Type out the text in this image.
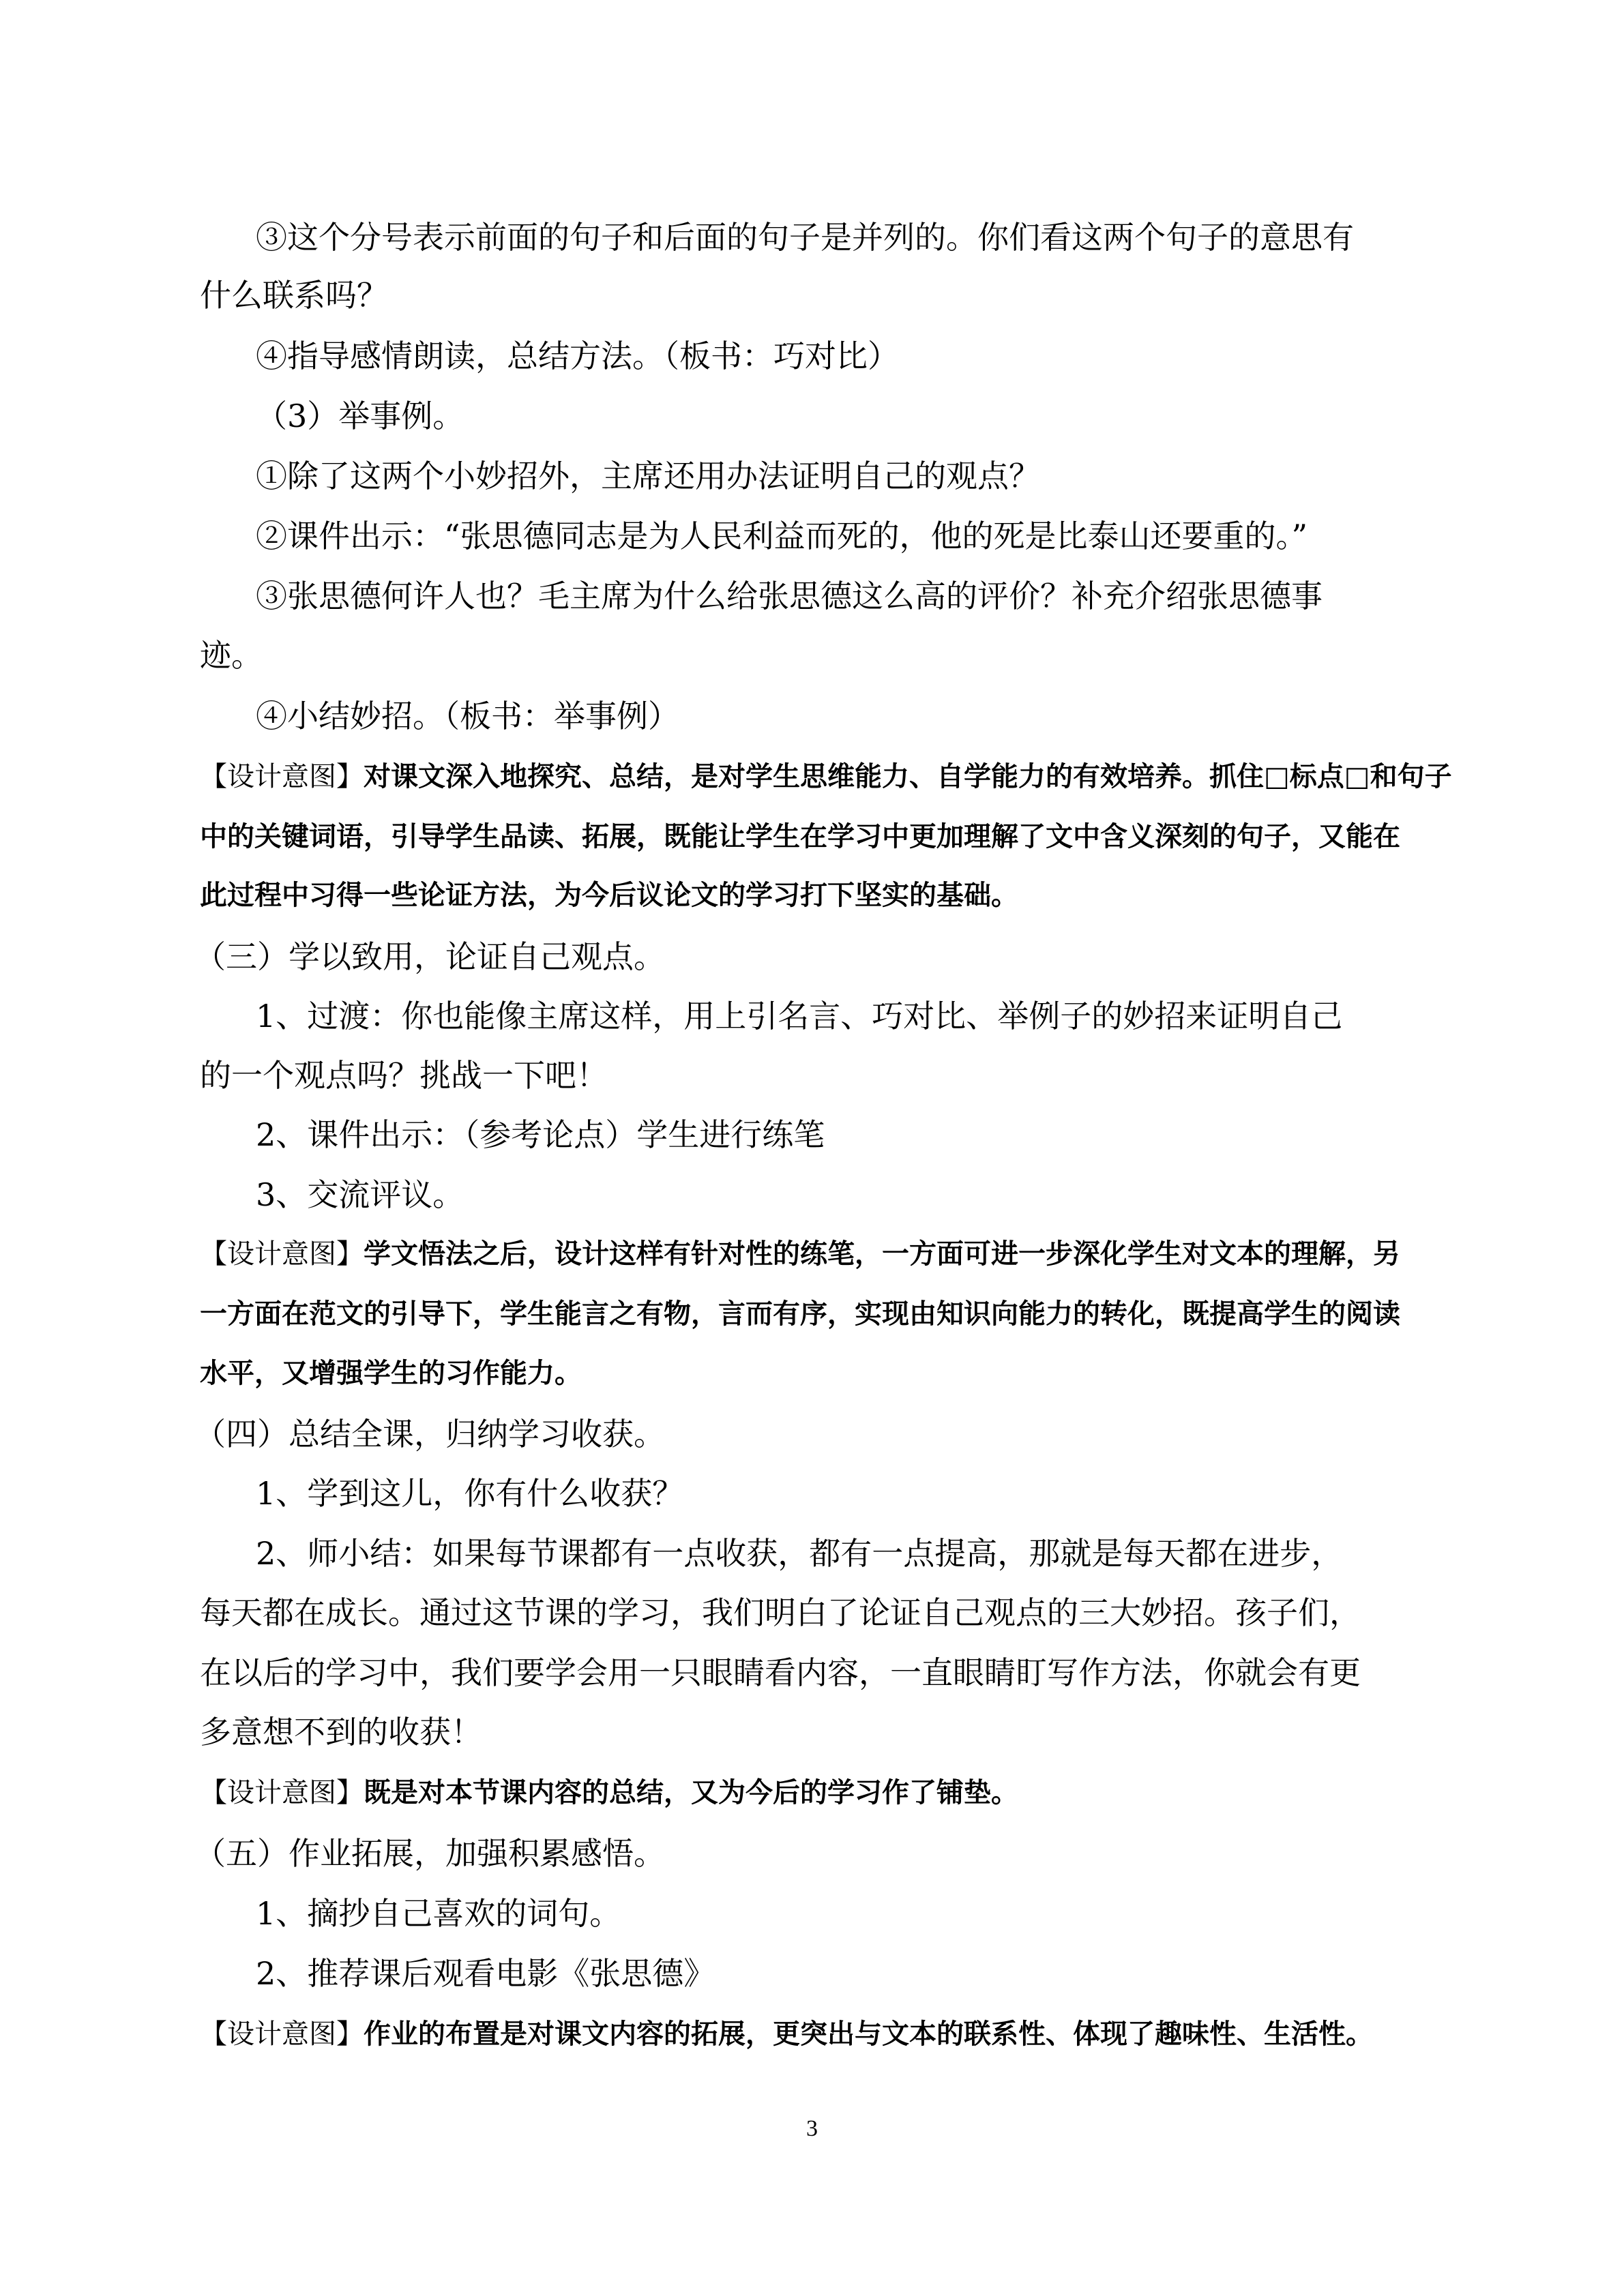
③这个分号表示前面的句子和后面的句子是并列的。你们看这两个句子的意思有
什么联系吗？
④指导感情朗读，总结方法。（板书：巧对比）
（3）举事例。
①除了这两个小妙招外，主席还用办法证明自己的观点？
②课件出示：“张思德同志是为人民利益而死的，他的死是比泰山还要重的。”
③张思德何许人也？毛主席为什么给张思德这么高的评价？补充介绍张思德事
迹。
④小结妙招。（板书：举事例）
【设计意图】对课文深入地探究、总结，是对学生思维能力、自学能力的有效培养。抓住□标点□和句子
中的关键词语，引导学生品读、拓展，既能让学生在学习中更加理解了文中含义深刻的句子，又能在
此过程中习得一些论证方法，为今后议论文的学习打下坚实的基础。
（三）学以致用，论证自己观点。
1、过渡：你也能像主席这样，用上引名言、巧对比、举例子的妙招来证明自己
的一个观点吗？挑战一下吧！
2、课件出示：（参考论点）学生进行练笔
3、交流评议。
【设计意图】学文悟法之后，设计这样有针对性的练笔，一方面可进一步深化学生对文本的理解，另
一方面在范文的引导下，学生能言之有物，言而有序，实现由知识向能力的转化，既提高学生的阅读
水平，又增强学生的习作能力。
（四）总结全课，归纳学习收获。
1、学到这儿，你有什么收获？
2、师小结：如果每节课都有一点收获，都有一点提高，那就是每天都在进步，
每天都在成长。通过这节课的学习，我们明白了论证自己观点的三大妙招。孩子们，
在以后的学习中，我们要学会用一只眼睛看内容，一直眼睛盯写作方法，你就会有更
多意想不到的收获！
【设计意图】既是对本节课内容的总结，又为今后的学习作了铺垫。
（五）作业拓展，加强积累感悟。
1、摘抄自己喜欢的词句。
2、推荐课后观看电影《张思德》
【设计意图】作业的布置是对课文内容的拓展，更突出与文本的联系性、体现了趣味性、生活性。
3
